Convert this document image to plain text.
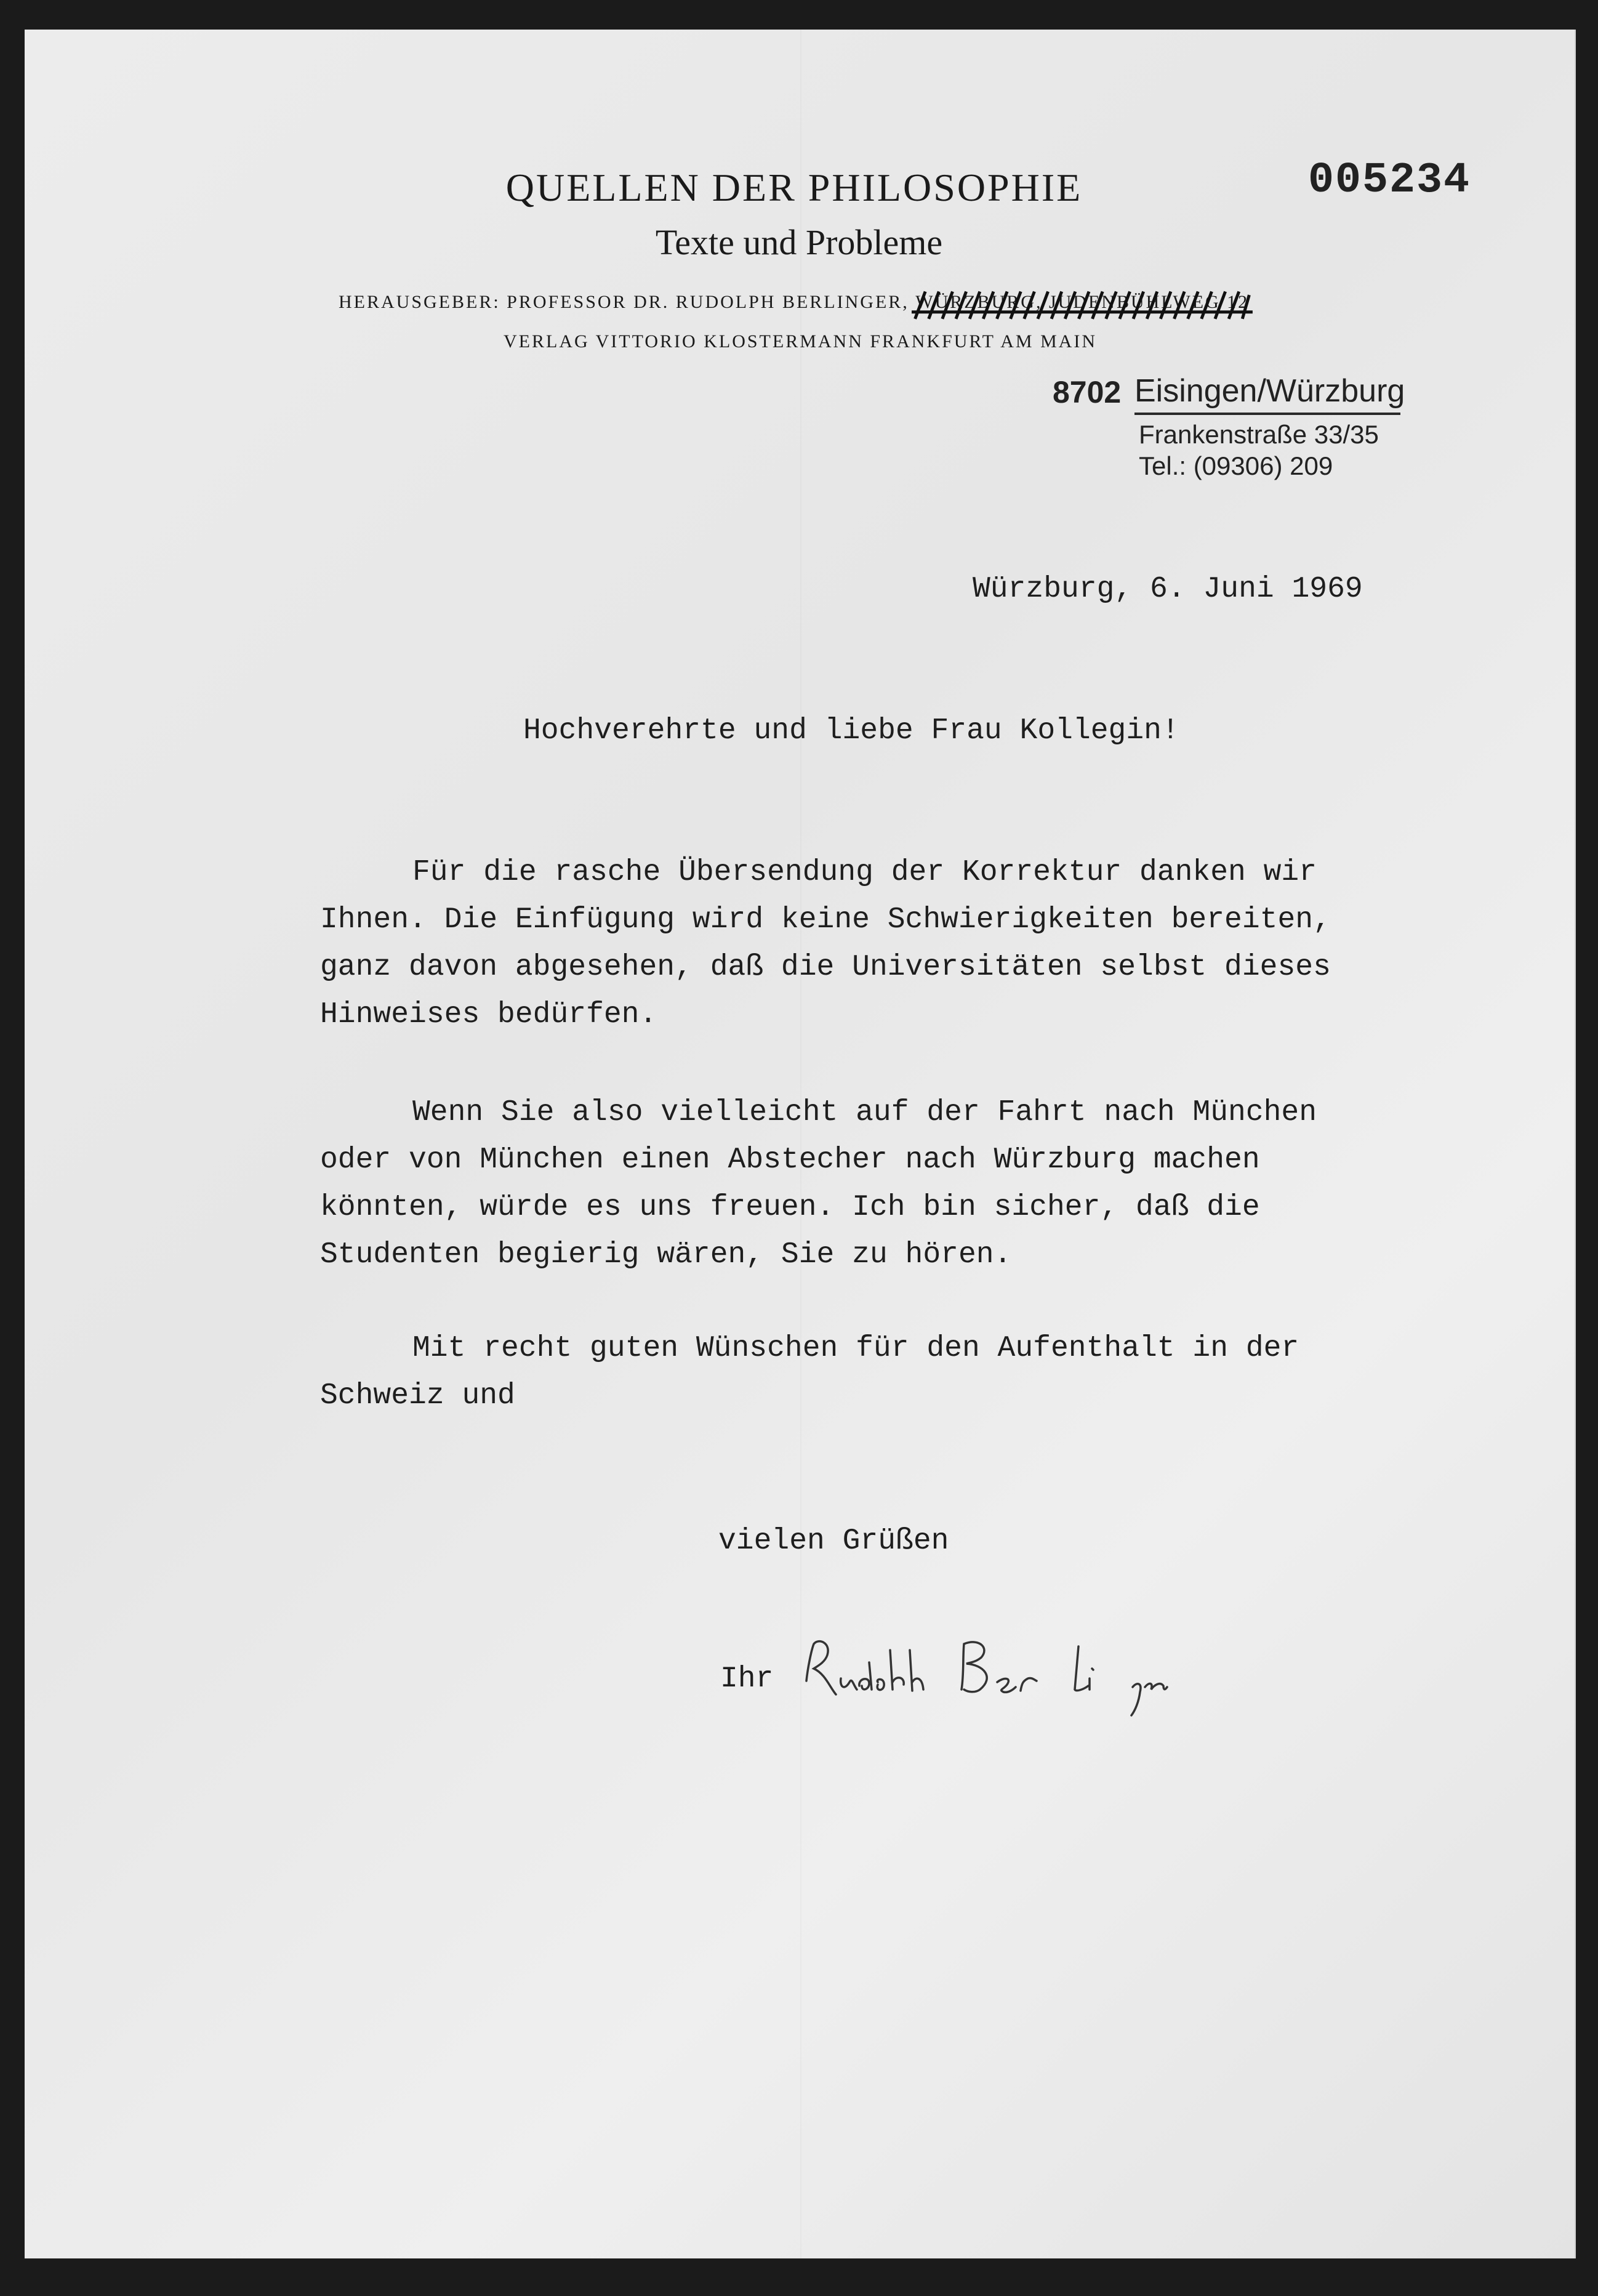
QUELLEN DER PHILOSOPHIE
Texte und Probleme
HERAUSGEBER: PROFESSOR DR. RUDOLPH BERLINGER, WÜRZBURG, JUDENBÜHLWEG 12
VERLAG VITTORIO KLOSTERMANN FRANKFURT AM MAIN
005234
8702 Eisingen/Würzburg
Frankenstraße 33/35
Tel.: (09306) 209
Würzburg, 6. Juni 1969
Hochverehrte und liebe Frau Kollegin!
Für die rasche Übersendung der Korrektur danken wir
Ihnen. Die Einfügung wird keine Schwierigkeiten bereiten,
ganz davon abgesehen, daß die Universitäten selbst dieses
Hinweises bedürfen.
Wenn Sie also vielleicht auf der Fahrt nach München
oder von München einen Abstecher nach Würzburg machen
könnten, würde es uns freuen. Ich bin sicher, daß die
Studenten begierig wären, Sie zu hören.
Mit recht guten Wünschen für den Aufenthalt in der
Schweiz und
vielen Grüßen
Ihr
